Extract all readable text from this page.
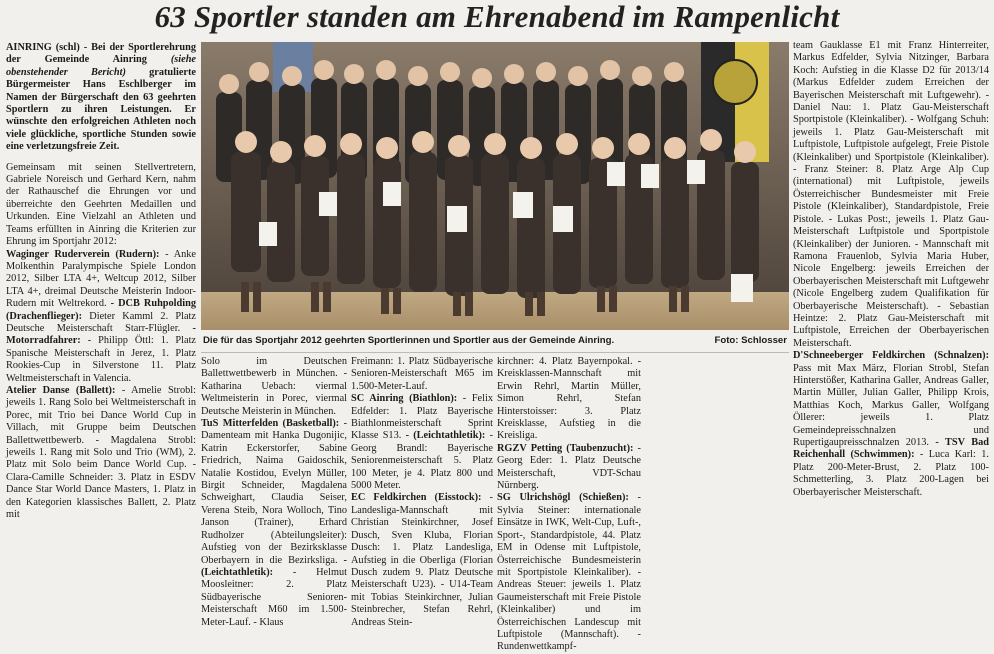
63 Sportler standen am Ehrenabend im Rampenlicht

AINRING (schl) - Bei der Sportlerehrung der Gemeinde Ainring (siehe obenstehender Bericht) gratulierte Bürgermeister Hans Eschlberger im Namen der Bürgerschaft den 63 geehrten Sportlern zu ihren Leistungen. Er wünschte den erfolgreichen Athleten noch viele glückliche, sportliche Stunden sowie eine verletzungsfreie Zeit.

Gemeinsam mit seinen Stellvertretern, Gabriele Noreisch und Gerhard Kern, nahm der Rathauschef die Ehrungen vor und überreichte den Geehrten Medaillen und Urkunden. Eine Vielzahl an Athleten und Teams erfüllten in Ainring die Kriterien zur Ehrung im Sportjahr 2012:

Waginger Ruderverein (Rudern): - Anke Molkenthin Paralympische Spiele London 2012, Silber LTA 4+, Weltcup 2012, Silber LTA 4+, dreimal Deutsche Meisterin Indoor-Rudern mit Weltrekord. - DCB Ruhpolding (Drachenflieger): Dieter Kamml 2. Platz Deutsche Meisterschaft Starr-Flügler. - Motorradfahrer: - Philipp Öttl: 1. Platz Spanische Meisterschaft in Jerez, 1. Platz Rookies-Cup in Silverstone 11. Platz Weltmeisterschaft in Valencia.

Atelier Danse (Ballett): - Amelie Strobl: jeweils 1. Rang Solo bei Weltmeisterschaft in Porec, mit Trio bei Dance World Cup in Villach, mit Gruppe beim Deutschen Ballettwettbewerb. - Magdalena Strobl: jeweils 1. Rang mit Solo und Trio (WM), 2. Platz mit Solo beim Dance World Cup. - Clara-Camille Schneider: 3. Platz in ESDV Dance Star World Dance Masters, 1. Platz in den Kategorien klassisches Ballett, 2. Platz mit

Die für das Sportjahr 2012 geehrten Sportlerinnen und Sportler aus der Gemeinde Ainring.	Foto: Schlosser

Solo im Deutschen Ballettwettbewerb in München. - Katharina Uebach: viermal Weltmeisterin in Porec, viermal Deutsche Meisterin in München.

TuS Mitterfelden (Basketball): - Damenteam mit Hanka Dugonijic, Katrin Eckerstorfer, Sabine Friedrich, Naima Gaidoschik, Natalie Kostidou, Evelyn Müller, Birgit Schneider, Magdalena Schweighart, Claudia Seiser, Verena Steib, Nora Wolloch, Tino Janson (Trainer), Erhard Rudholzer (Abteilungsleiter): Aufstieg von der Bezirksklasse Oberbayern in die Bezirksliga. - (Leichtathletik): - Helmut Moosleitner: 2. Platz Südbayerische Senioren-Meisterschaft M60 im 1.500-Meter-Lauf. - Klaus

Freimann: 1. Platz Südbayerische Senioren-Meisterschaft M65 im 1.500-Meter-Lauf.

SC Ainring (Biathlon): - Felix Edfelder: 1. Platz Bayerische Biathlonmeisterschaft Sprint Klasse S13. - (Leichtathletik): - Georg Brandl: Bayerische Seniorenmeisterschaft 5. Platz 100 Meter, je 4. Platz 800 und 5000 Meter.

EC Feldkirchen (Eisstock): - Landesliga-Mannschaft mit Christian Steinkirchner, Josef Dusch, Sven Kluba, Florian Dusch: 1. Platz Landesliga, Aufstieg in die Oberliga (Florian Dusch zudem 9. Platz Deutsche Meisterschaft U23). - U14-Team mit Tobias Steinkirchner, Julian Steinbrecher, Stefan Rehrl, Andreas Stein-

kirchner: 4. Platz Bayernpokal. - Kreisklassen-Mannschaft mit Erwin Rehrl, Martin Müller, Simon Rehrl, Stefan Hinterstoisser: 3. Platz Kreisklasse, Aufstieg in die Kreisliga.

RGZV Petting (Taubenzucht): - Georg Eder: 1. Platz Deutsche Meisterschaft, VDT-Schau Nürnberg.

SG Ulrichshögl (Schießen): - Sylvia Steiner: internationale Einsätze in IWK, Welt-Cup, Luft-, Sport-, Standardpistole, 44. Platz EM in Odense mit Luftpistole, Österreichische Bundesmeisterin mit Sportpistole Kleinkaliber). - Andreas Steuer: jeweils 1. Platz Gaumeisterschaft mit Freie Pistole (Kleinkaliber) und im Österreichischen Landescup mit Luftpistole (Mannschaft). - Rundenwettkampf-

team Gauklasse E1 mit Franz Hinterreiter, Markus Edfelder, Sylvia Nitzinger, Barbara Koch: Aufstieg in die Klasse D2 für 2013/14 (Markus Edfelder zudem Erreichen der Bayerischen Meisterschaft mit Luftgewehr). - Daniel Nau: 1. Platz Gau-Meisterschaft Sportpistole (Kleinkaliber). - Wolfgang Schuh: jeweils 1. Platz Gau-Meisterschaft mit Luftpistole, Luftpistole aufgelegt, Freie Pistole (Kleinkaliber) und Sportpistole (Kleinkaliber). - Franz Steiner: 8. Platz Arge Alp Cup (international) mit Luftpistole, jeweils Österreichischer Bundesmeister mit Freie Pistole (Kleinkaliber), Standardpistole, Freie Pistole. - Lukas Post:, jeweils 1. Platz Gau-Meisterschaft Luftpistole und Sportpistole (Kleinkaliber) der Junioren. - Mannschaft mit Ramona Frauenlob, Sylvia Maria Huber, Nicole Engelberg: jeweils Erreichen der Oberbayerischen Meisterschaft mit Luftgewehr (Nicole Engelberg zudem Qualifikation für Oberbayerische Meisterschaft). - Sebastian Heintze: 2. Platz Gau-Meisterschaft mit Luftpistole, Erreichen der Oberbayerischen Meisterschaft.

D'Schneeberger Feldkirchen (Schnalzen): Pass mit Max März, Florian Strobl, Stefan Hinterstößer, Katharina Galler, Andreas Galler, Martin Müller, Julian Galler, Philipp Krois, Matthias Koch, Markus Galler, Wolfgang Öllerer: jeweils 1. Platz Gemeindepreisschnalzen und Rupertigaupreisschnalzen 2013. - TSV Bad Reichenhall (Schwimmen): - Luca Karl: 1. Platz 200-Meter-Brust, 2. Platz 100-Schmetterling, 3. Platz 200-Lagen bei Oberbayerischer Meisterschaft.
